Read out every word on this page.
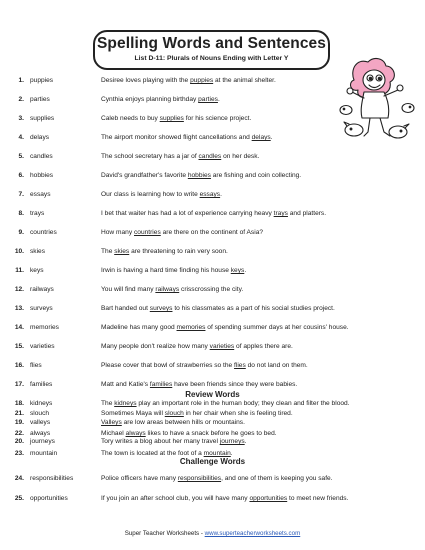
Spelling Words and Sentences
List D-11: Plurals of Nouns Ending with Letter Y
1. puppies	Desiree loves playing with the puppies at the animal shelter.
2. parties	Cynthia enjoys planning birthday parties.
3. supplies	Caleb needs to buy supplies for his science project.
4. delays	The airport monitor showed flight cancellations and delays.
5. candles	The school secretary has a jar of candles on her desk.
6. hobbies	David's grandfather's favorite hobbies are fishing and coin collecting.
7. essays	Our class is learning how to write essays.
8. trays	I bet that waiter has had a lot of experience carrying heavy trays and platters.
9. countries	How many countries are there on the continent of Asia?
10. skies	The skies are threatening to rain very soon.
11. keys	Irwin is having a hard time finding his house keys.
12. railways	You will find many railways crisscrossing the city.
13. surveys	Bart handed out surveys to his classmates as a part of his social studies project.
14. memories	Madeline has many good memories of spending summer days at her cousins' house.
15. varieties	Many people don't realize how many varieties of apples there are.
16. flies	Please cover that bowl of strawberries so the flies do not land on them.
17. families	Matt and Katie's families have been friends since they were babies.
18. kidneys	The kidneys play an important role in the human body; they clean and filter the blood.
19. valleys	Valleys are low areas between hills or mountains.
20. journeys	Tory writes a blog about her many travel journeys.
Review Words
21. slouch	Sometimes Maya will slouch in her chair when she is feeling tired.
22. always	Michael always likes to have a snack before he goes to bed.
23. mountain	The town is located at the foot of a mountain.
Challenge Words
24. responsibilities	Police officers have many responsibilities, and one of them is keeping you safe.
25. opportunities	If you join an after school club, you will have many opportunities to meet new friends.
Super Teacher Worksheets - www.superteacherworksheets.com
